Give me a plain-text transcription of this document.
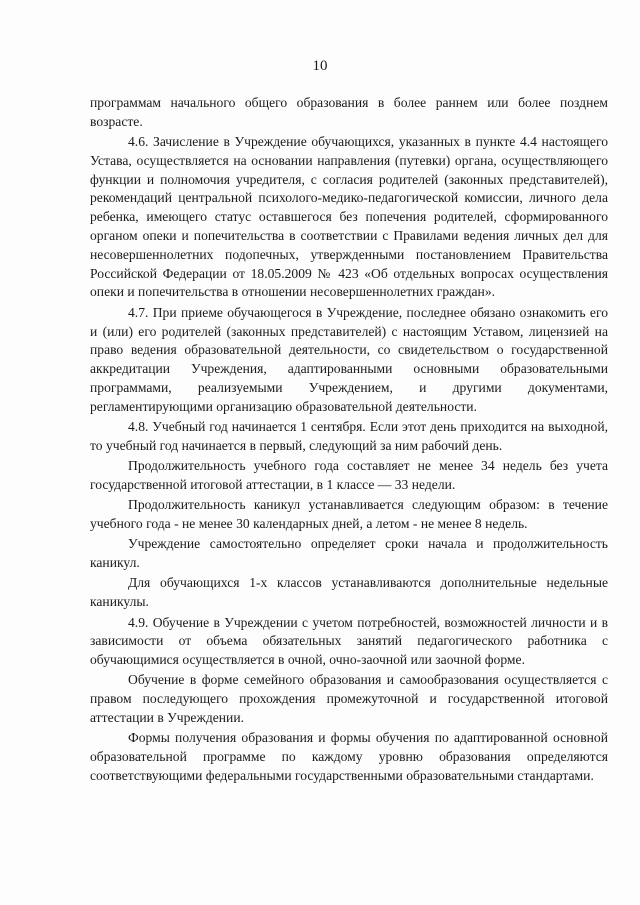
10

программам начального общего образования в более раннем или более позднем возрасте.

4.6. Зачисление в Учреждение обучающихся, указанных в пункте 4.4 настоящего Устава, осуществляется на основании направления (путевки) органа, осуществляющего функции и полномочия учредителя, с согласия родителей (законных представителей), рекомендаций центральной психолого-медико-педагогической комиссии, личного дела ребенка, имеющего статус оставшегося без попечения родителей, сформированного органом опеки и попечительства в соответствии с Правилами ведения личных дел для несовершеннолетних подопечных, утвержденными постановлением Правительства Российской Федерации от 18.05.2009 № 423 «Об отдельных вопросах осуществления опеки и попечительства в отношении несовершеннолетних граждан».

4.7. При приеме обучающегося в Учреждение, последнее обязано ознакомить его и (или) его родителей (законных представителей) с настоящим Уставом, лицензией на право ведения образовательной деятельности, со свидетельством о государственной аккредитации Учреждения, адаптированными основными образовательными программами, реализуемыми Учреждением, и другими документами, регламентирующими организацию образовательной деятельности.

4.8. Учебный год начинается 1 сентября. Если этот день приходится на выходной, то учебный год начинается в первый, следующий за ним рабочий день.

Продолжительность учебного года составляет не менее 34 недель без учета государственной итоговой аттестации, в 1 классе — 33 недели.

Продолжительность каникул устанавливается следующим образом: в течение учебного года - не менее 30 календарных дней, а летом - не менее 8 недель.

Учреждение самостоятельно определяет сроки начала и продолжительность каникул.

Для обучающихся 1-х классов устанавливаются дополнительные недельные каникулы.

4.9. Обучение в Учреждении с учетом потребностей, возможностей личности и в зависимости от объема обязательных занятий педагогического работника с обучающимися осуществляется в очной, очно-заочной или заочной форме.

Обучение в форме семейного образования и самообразования осуществляется с правом последующего прохождения промежуточной и государственной итоговой аттестации в Учреждении.

Формы получения образования и формы обучения по адаптированной основной образовательной программе по каждому уровню образования определяются соответствующими федеральными государственными образовательными стандартами.
